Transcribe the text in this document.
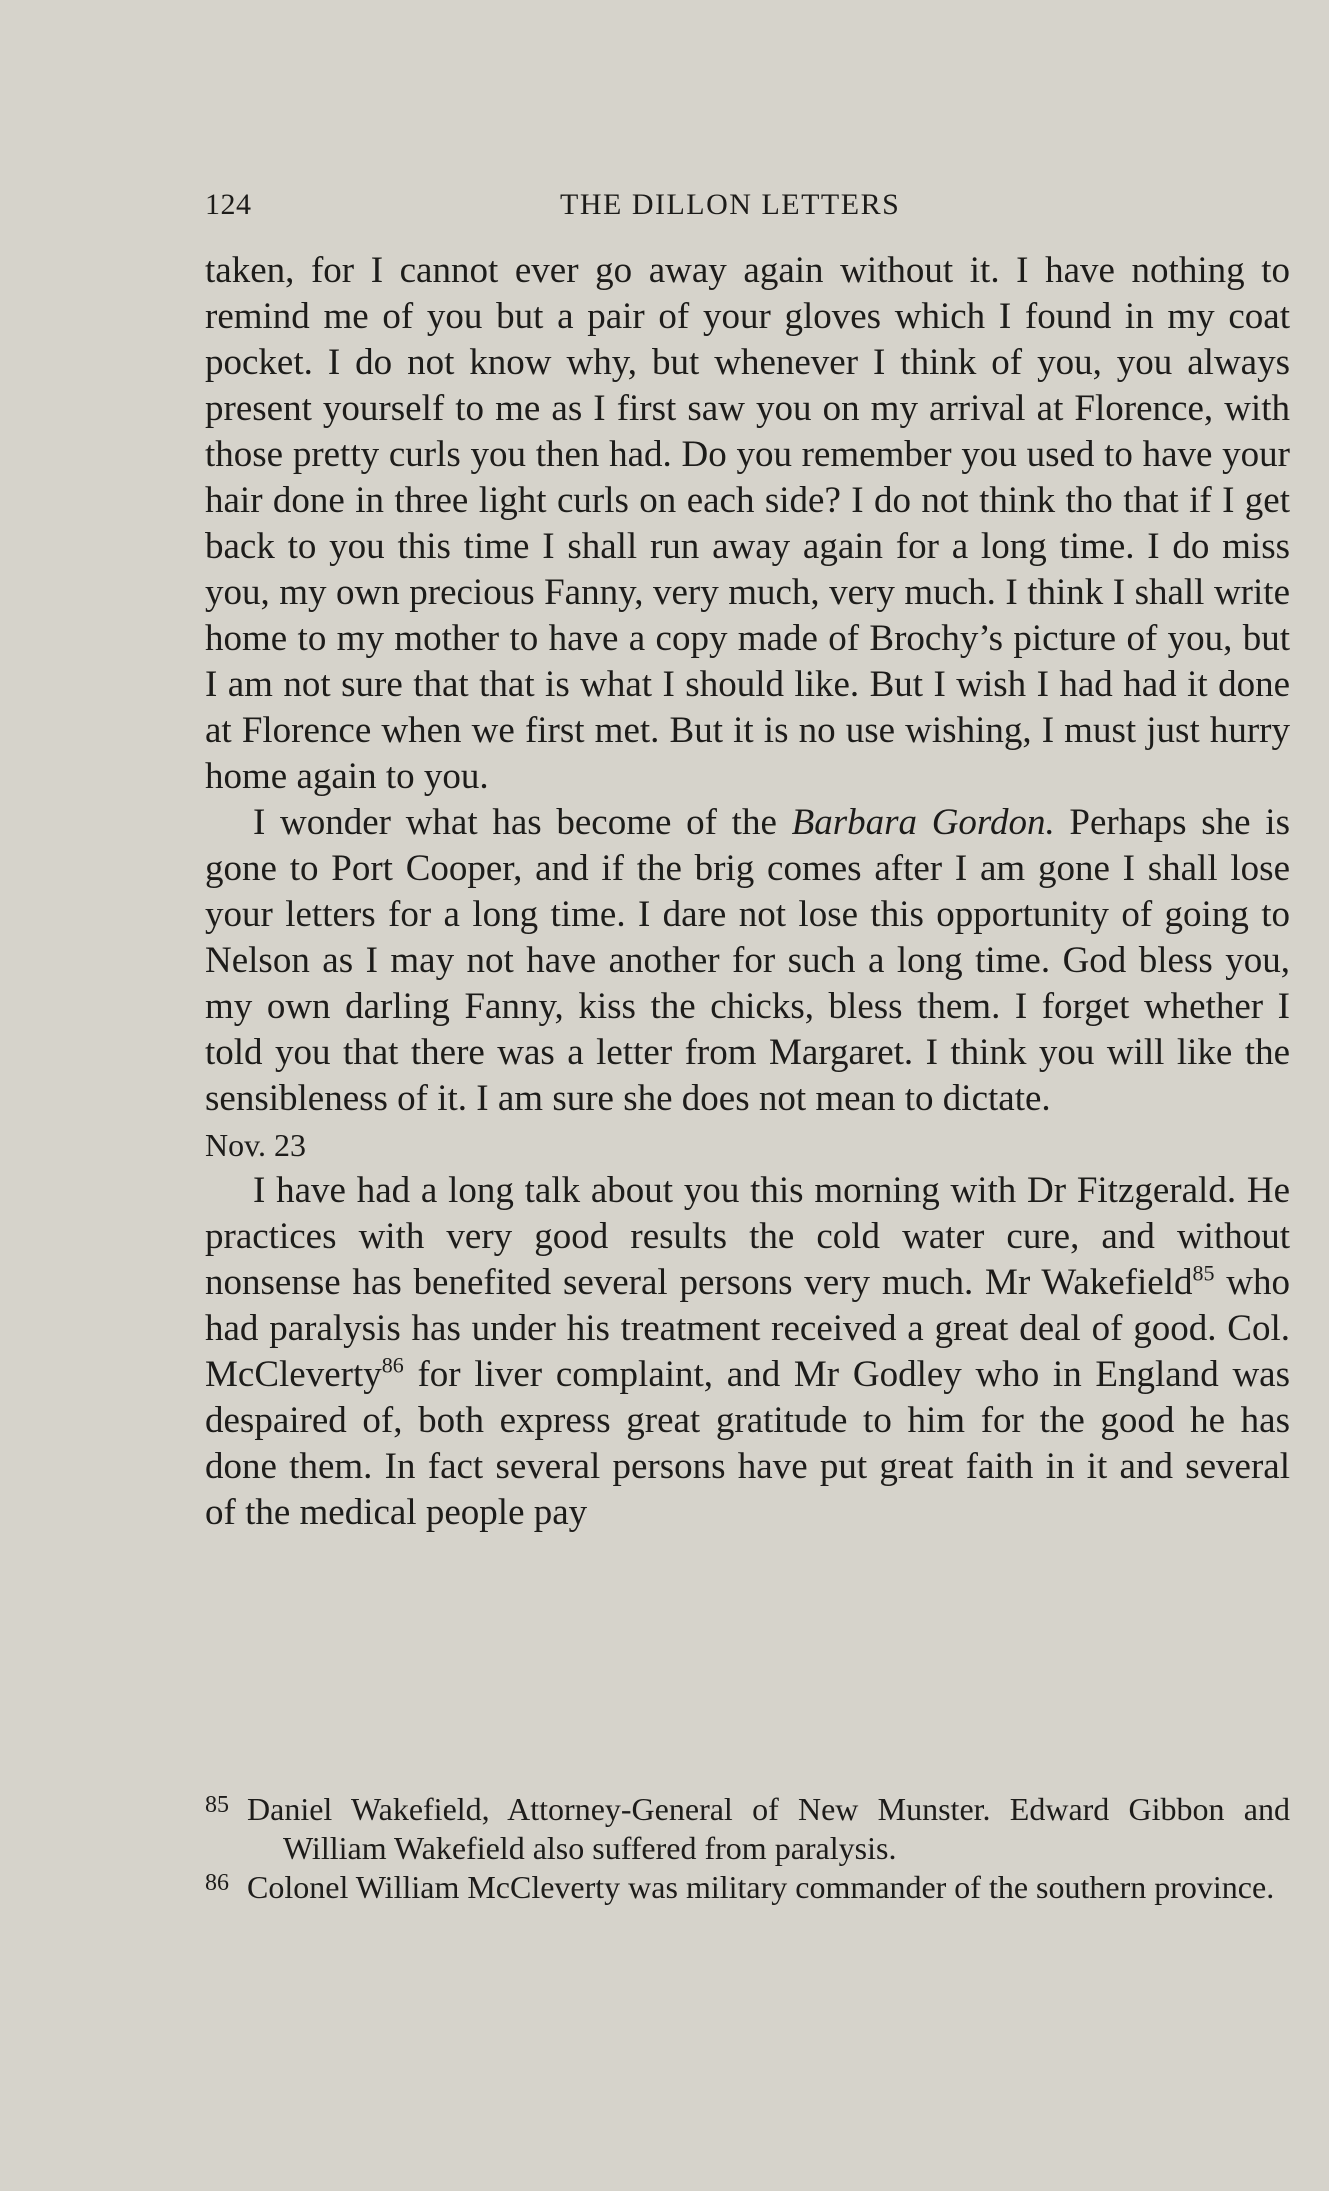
124	THE DILLON LETTERS

taken, for I cannot ever go away again without it. I have nothing to remind me of you but a pair of your gloves which I found in my coat pocket. I do not know why, but whenever I think of you, you always present yourself to me as I first saw you on my arrival at Florence, with those pretty curls you then had. Do you remember you used to have your hair done in three light curls on each side? I do not think tho that if I get back to you this time I shall run away again for a long time. I do miss you, my own precious Fanny, very much, very much. I think I shall write home to my mother to have a copy made of Brochy’s picture of you, but I am not sure that that is what I should like. But I wish I had had it done at Florence when we first met. But it is no use wishing, I must just hurry home again to you.

I wonder what has become of the Barbara Gordon. Perhaps she is gone to Port Cooper, and if the brig comes after I am gone I shall lose your letters for a long time. I dare not lose this opportunity of going to Nelson as I may not have another for such a long time. God bless you, my own darling Fanny, kiss the chicks, bless them. I forget whether I told you that there was a letter from Margaret. I think you will like the sensibleness of it. I am sure she does not mean to dictate.

Nov. 23

I have had a long talk about you this morning with Dr Fitzgerald. He practices with very good results the cold water cure, and without nonsense has benefited several persons very much. Mr Wakefield$^{85}$ who had paralysis has under his treatment received a great deal of good. Col. McCleverty$^{86}$ for liver complaint, and Mr Godley who in England was despaired of, both express great gratitude to him for the good he has done them. In fact several persons have put great faith in it and several of the medical people pay

85 Daniel Wakefield, Attorney-General of New Munster. Edward Gibbon and William Wakefield also suffered from paralysis.

86 Colonel William McCleverty was military commander of the southern province.
